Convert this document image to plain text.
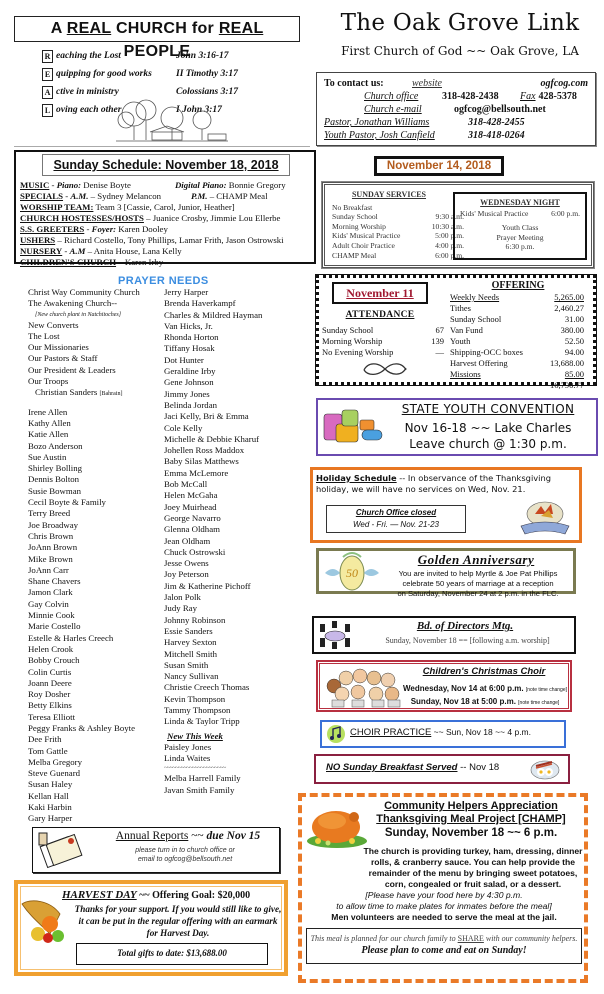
A REAL CHURCH for REAL PEOPLE
R eaching the Lost	John 3:16-17
E quipping for good works	II Timothy 3:17
A ctive in ministry	Colossians 3:17
L oving each other	I John 3:17
The Oak Grove Link
First Church of God ~~ Oak Grove, LA
To contact us:	website	ogfcog.com
Church office	318-428-2438	Fax 428-5378
Church e-mail	ogfcog@bellsouth.net
Pastor, Jonathan Williams	318-428-2455
Youth Pastor, Josh Canfield	318-418-0264
Sunday Schedule: November 18, 2018
MUSIC - Piano: Denise Boyte	Digital Piano: Bonnie Gregory
SPECIALS - A.M. – Sydney Melancon	P.M. – CHAMP Meal
WORSHIP TEAM: Team 3 [Cassie, Carol, Junior, Heather]
CHURCH HOSTESSES/HOSTS – Juanice Crosby, Jimmie Lou Ellerbe
S.S. GREETERS - Foyer: Karen Dooley
USHERS – Richard Costello, Tony Phillips, Lamar Frith, Jason Ostrowski
NURSERY - A.M – Anita House, Lana Kelly
CHILDREN'S CHURCH – Karen Irby
November 14, 2018
SUNDAY SERVICES
No Breakfast
Sunday School	9:30 a.m.
Morning Worship	10:30 a.m.
Kids' Musical Practice	5:00 p.m.
Adult Choir Practice	4:00 p.m.
CHAMP Meal	6:00 p.m.
WEDNESDAY NIGHT
Kids' Musical Practice	6:00 p.m.
Youth Class
Prayer Meeting
6:30 p.m.
November 11
ATTENDANCE
Sunday School	67
Morning Worship	139
No Evening Worship	—
OFFERING
Weekly Needs	5,265.00
Tithes	2,460.27
Sunday School	31.00
Van Fund	380.00
Youth	52.50
Shipping-OCC boxes	94.00
Harvest Offering	13,688.00
Missions	85.00
16,790.77
PRAYER NEEDS
Christ Way Community Church
The Awakening Church--
[New church plant in Natchitoches]
New Converts
The Lost
Our Missionaries
Our Pastors & Staff
Our President & Leaders
Our Troops
Christian Sanders [Bahrain]
Irene Allen
Kathy Allen
Katie Allen
Bozo Anderson
Sue Austin
Shirley Bolling
Dennis Bolton
Susie Bowman
Cecil Boyte & Family
Terry Breed
Joe Broadway
Chris Brown
JoAnn Brown
Mike Brown
JoAnn Carr
Shane Chavers
Jamon Clark
Gay Colvin
Minnie Cook
Marie Costello
Estelle & Harles Creech
Helen Crook
Bobby Crouch
Colin Curtis
Joann Deere
Roy Dosher
Betty Elkins
Teresa Elliott
Peggy Franks & Ashley Boyte
Dee Frith
Tom Gattle
Melba Gregory
Steve Guenard
Susan Haley
Kellan Hall
Kaki Harbin
Gary Harper
Jerry Harper
Brenda Haverkampf
Charles & Mildred Hayman
Van Hicks, Jr.
Rhonda Horton
Tiffany Hosak
Dot Hunter
Geraldine Irby
Gene Johnson
Jimmy Jones
Belinda Jordan
Jaci Kelly, Bri & Emma
Cole Kelly
Michelle & Debbie Kharuf
Johellen Ross Maddox
Baby Silas Matthews
Emma McLemore
Bob McCall
Helen McGaha
Joey Muirhead
George Navarro
Glenna Oldham
Jean Oldham
Chuck Ostrowski
Jesse Owens
Joy Peterson
Jim & Katherine Pichoff
Jalon Polk
Judy Ray
Johnny Robinson
Essie Sanders
Harvey Sexton
Mitchell Smith
Susan Smith
Nancy Sullivan
Christie Creech Thomas
Kevin Thompson
Tammy Thompson
Linda & Taylor Tripp
New This Week
Paisley Jones
Linda Waites
~~~~~~~~~~~~~~~~~~~~~~
Melba Harrell Family
Javan Smith Family
Annual Reports ~~ due Nov 15
please turn in to church office or
email to ogfcog@bellsouth.net
HARVEST DAY ~~ Offering Goal: $20,000
Thanks for your support. If you would still like to give, it can be put in the regular offering with an earmark for Harvest Day.
Total gifts to date: $13,688.00
STATE YOUTH CONVENTION
Nov 16-18 ~~ Lake Charles
Leave church @ 1:30 p.m.
Holiday Schedule -- In observance of the Thanksgiving holiday, we will have no services on Wed, Nov. 21.
Church Office closed
Wed - Fri. — Nov. 21-23
50
Golden Anniversary
You are invited to help Myrtle & Joe Pat Phillips
celebrate 50 years of marriage at a reception
on Saturday, November 24 at 2 p.m. in the FLC.
Bd. of Directors Mtg.
Sunday, November 18 == [following a.m. worship]
Children's Christmas Choir
Wednesday, Nov 14 at 6:00 p.m. [note time change]
Sunday, Nov 18 at 5:00 p.m. [note time change]
CHOIR PRACTICE ~~ Sun, Nov 18 ~~ 4 p.m.
NO Sunday Breakfast Served -- Nov 18
Community Helpers Appreciation
Thanksgiving Meal Project [CHAMP]
Sunday, November 18 ~~ 6 p.m.
The church is providing turkey, ham, dressing, dinner rolls, & cranberry sauce. You can help provide the remainder of the menu by bringing sweet potatoes, corn, congealed or fruit salad, or a dessert.
[Please have your food here by 4:30 p.m.
to allow time to make plates for inmates before the meal]
Men volunteers are needed to serve the meal at the jail.
This meal is planned for our church family to SHARE with our community helpers. Please plan to come and eat on Sunday!
